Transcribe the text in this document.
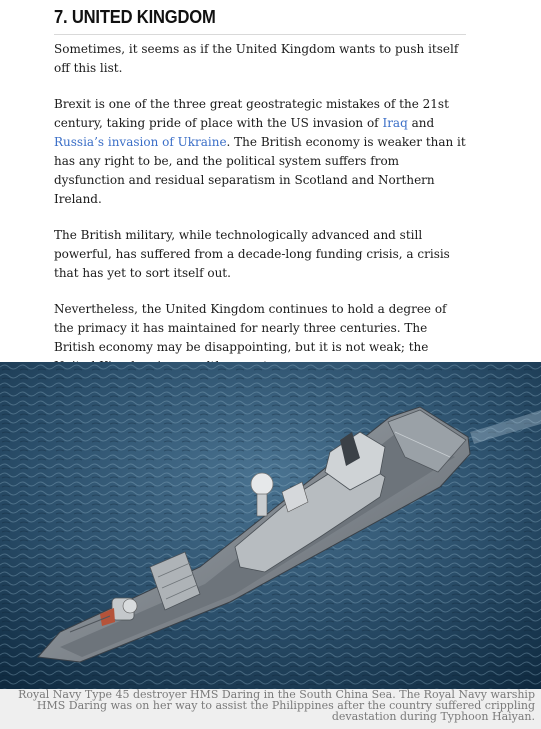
7. UNITED KINGDOM

Sometimes, it seems as if the United Kingdom wants to push itself off this list.

Brexit is one of the three great geostrategic mistakes of the 21st century, taking pride of place with the US invasion of Iraq and Russia’s invasion of Ukraine. The British economy is weaker than it has any right to be, and the political system suffers from dysfunction and residual separatism in Scotland and Northern Ireland.

The British military, while technologically advanced and still powerful, has suffered from a decade-long funding crisis, a crisis that has yet to sort itself out.

Nevertheless, the United Kingdom continues to hold a degree of the primacy it has maintained for nearly three centuries. The British economy may be disappointing, but it is not weak; the

Royal Navy Type 45 destroyer HMS Daring in the South China Sea. The Royal Navy warship HMS Daring was on her way to assist the Philippines after the country suffered crippling devastation during Typhoon Haiyan.
